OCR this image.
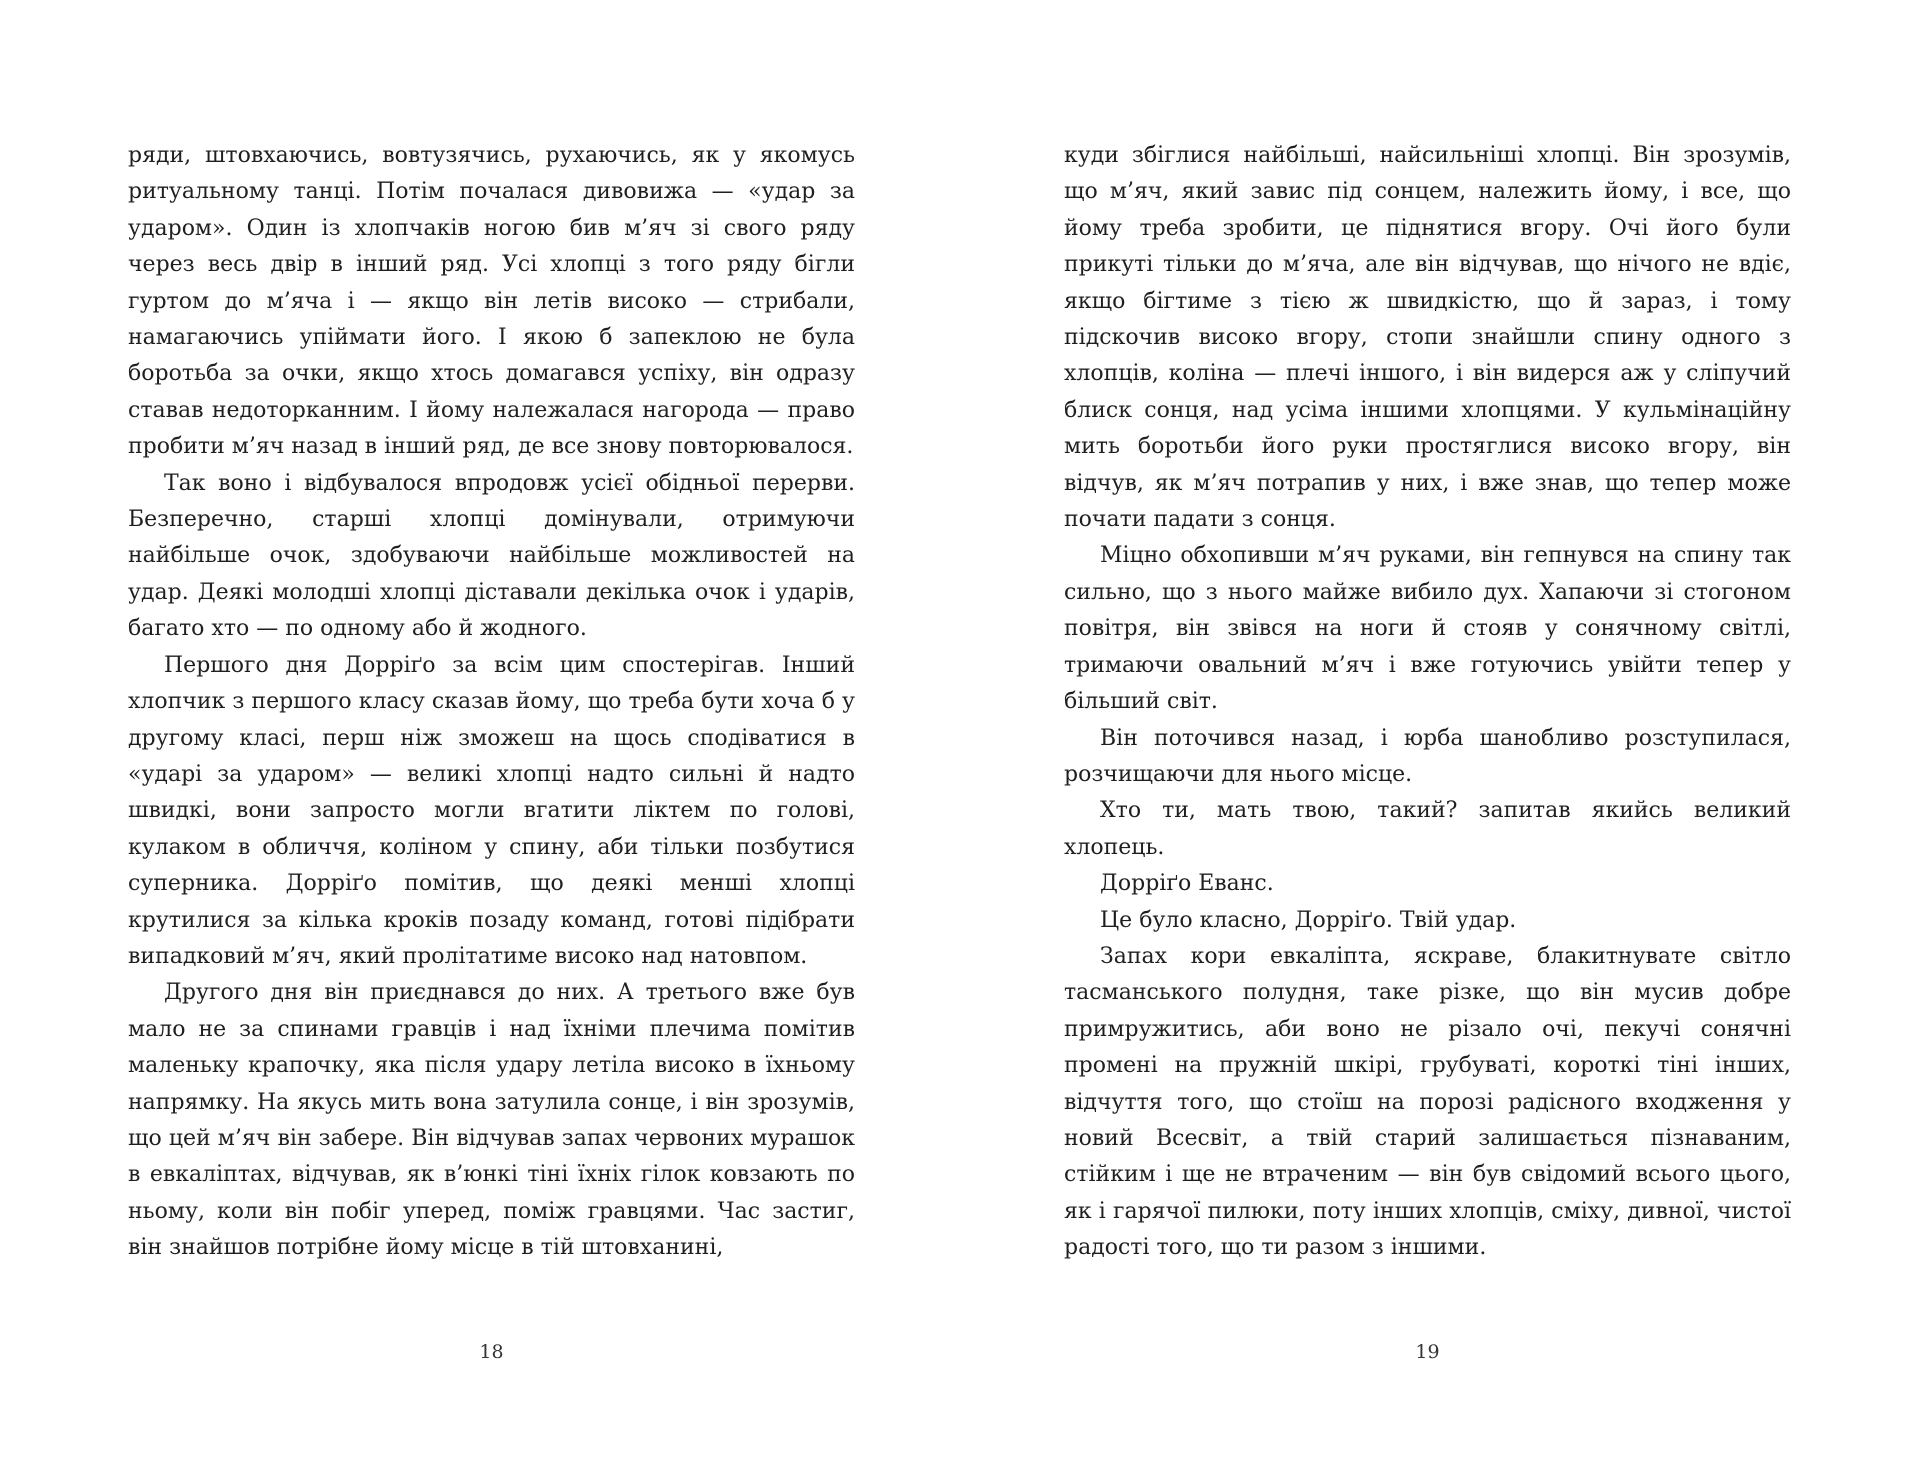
ряди, штовхаючись, вовтузячись, рухаючись, як у якомусь ритуальному танці. Потім почалася дивовижа — «удар за ударом». Один із хлопчаків ногою бив м’яч зі свого ряду через весь двір в інший ряд. Усі хлопці з того ряду бігли гуртом до м’яча і — якщо він летів високо — стрибали, намагаючись упіймати його. І якою б запеклою не була боротьба за очки, якщо хтось домагався успіху, він одразу ставав недоторканним. І йому належалася нагорода — право пробити м’яч назад в інший ряд, де все знову повторювалося.

Так воно і відбувалося впродовж усієї обідньої перерви. Безперечно, старші хлопці домінували, отримуючи найбільше очок, здобуваючи найбільше можливостей на удар. Деякі молодші хлопці діставали декілька очок і ударів, багато хто — по одному або й жодного.

Першого дня Дорріґо за всім цим спостерігав. Інший хлопчик з першого класу сказав йому, що треба бути хоча б у другому класі, перш ніж зможеш на щось сподіватися в «ударі за ударом» — великі хлопці надто сильні й надто швидкі, вони запросто могли вгатити ліктем по голові, кулаком в обличчя, коліном у спину, аби тільки позбутися суперника. Дорріґо помітив, що деякі менші хлопці крутилися за кілька кроків позаду команд, готові підібрати випадковий м’яч, який пролітатиме високо над натовпом.

Другого дня він приєднався до них. А третього вже був мало не за спинами гравців і над їхніми плечима помітив маленьку крапочку, яка після удару летіла високо в їхньому напрямку. На якусь мить вона затулила сонце, і він зрозумів, що цей м’яч він забере. Він відчував запах червоних мурашок в евкаліптах, відчував, як в’юнкі тіні їхніх гілок ковзають по ньому, коли він побіг уперед, поміж гравцями. Час застиг, він знайшов потрібне йому місце в тій штовханині,

18

куди збіглися найбільші, найсильніші хлопці. Він зрозумів, що м’яч, який завис під сонцем, належить йому, і все, що йому треба зробити, це піднятися вгору. Очі його були прикуті тільки до м’яча, але він відчував, що нічого не вдіє, якщо бігтиме з тією ж швидкістю, що й зараз, і тому підскочив високо вгору, стопи знайшли спину одного з хлопців, коліна — плечі іншого, і він видерся аж у сліпучий блиск сонця, над усіма іншими хлопцями. У кульмінаційну мить боротьби його руки простяглися високо вгору, він відчув, як м’яч потрапив у них, і вже знав, що тепер може почати падати з сонця.

Міцно обхопивши м’яч руками, він гепнувся на спину так сильно, що з нього майже вибило дух. Хапаючи зі стогоном повітря, він звівся на ноги й стояв у сонячному світлі, тримаючи овальний м’яч і вже готуючись увійти тепер у більший світ.

Він поточився назад, і юрба шанобливо розступилася, розчищаючи для нього місце.

Хто ти, мать твою, такий? запитав якийсь великий хлопець.

Дорріґо Еванс.

Це було класно, Дорріґо. Твій удар.

Запах кори евкаліпта, яскраве, блакитнувате світло тасманського полудня, таке різке, що він мусив добре примружитись, аби воно не різало очі, пекучі сонячні промені на пружній шкірі, грубуваті, короткі тіні інших, відчуття того, що стоїш на порозі радісного входження у новий Всесвіт, а твій старий залишається пізнаваним, стійким і ще не втраченим — він був свідомий всього цього, як і гарячої пилюки, поту інших хлопців, сміху, дивної, чистої радості того, що ти разом з іншими.

19
